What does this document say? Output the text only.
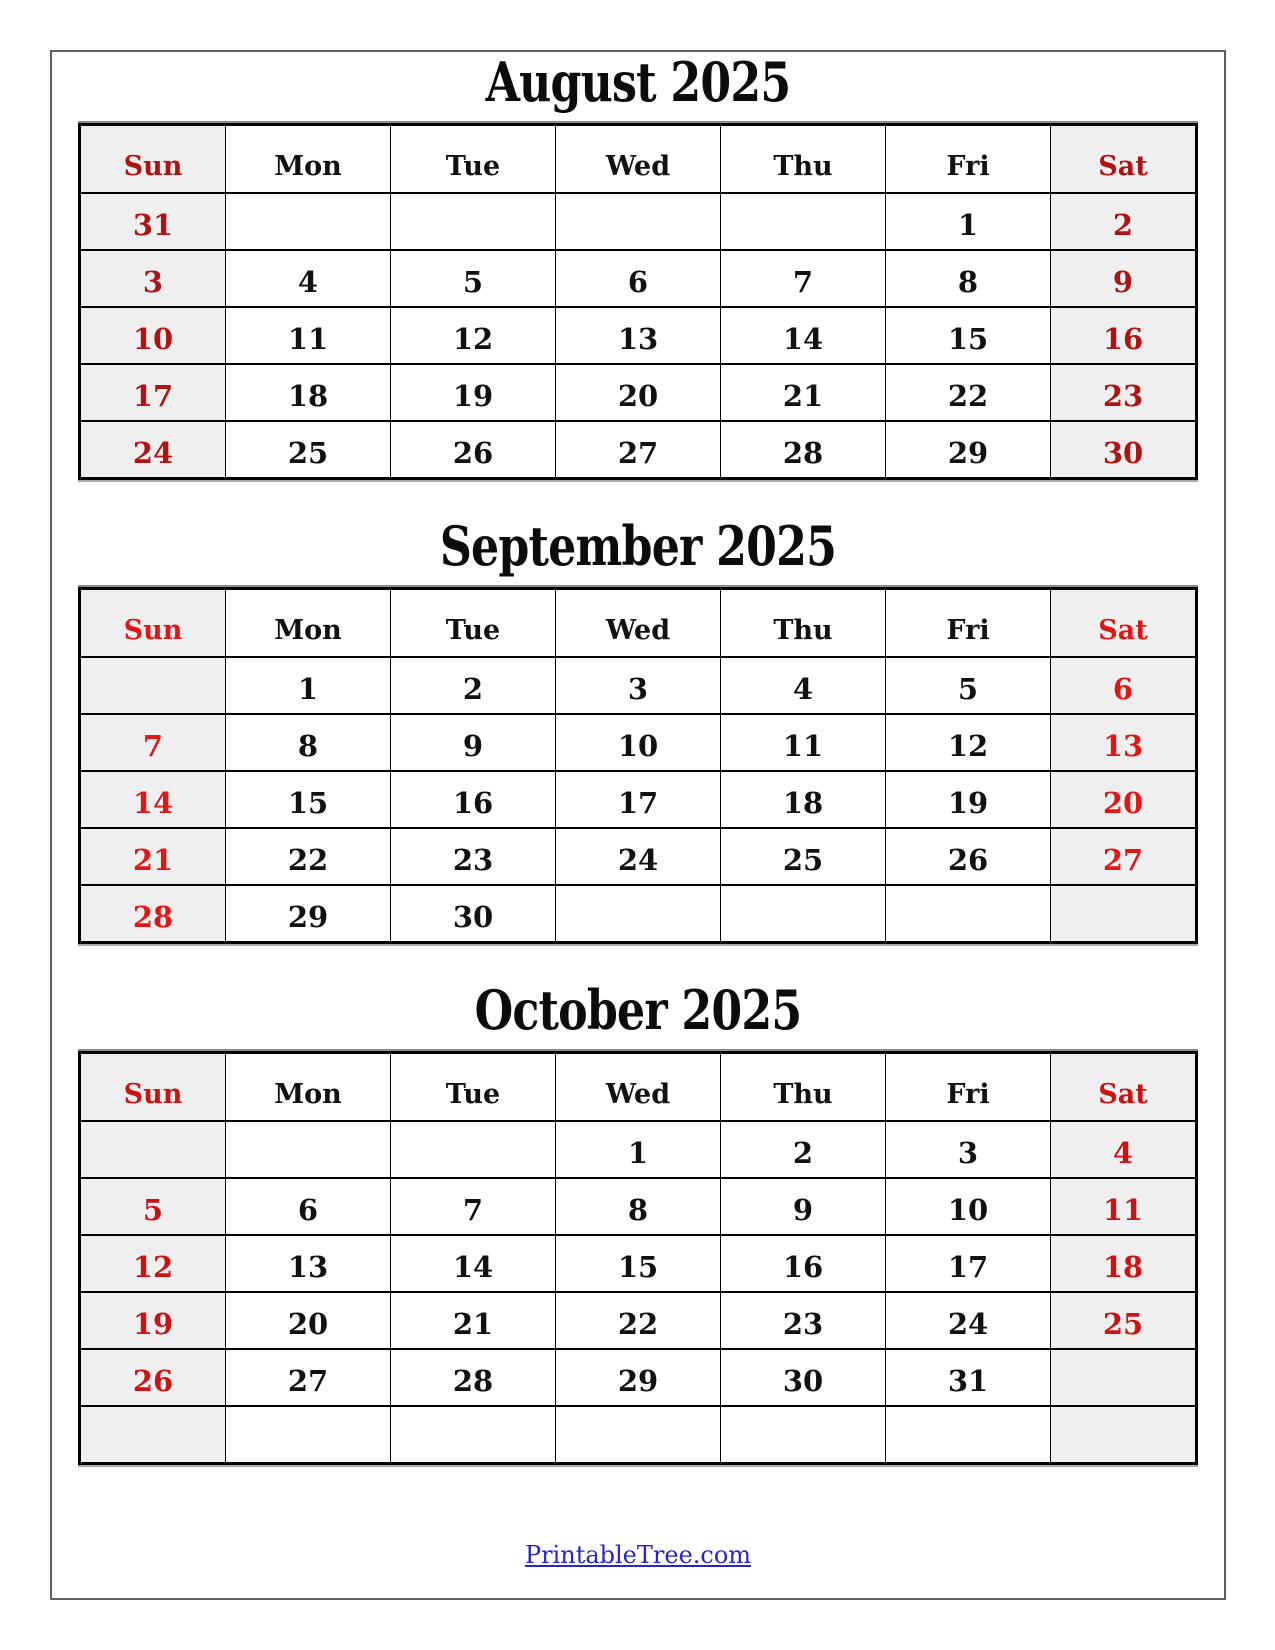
August 2025
Sun	Mon	Tue	Wed	Thu	Fri	Sat
31					1	2
3	4	5	6	7	8	9
10	11	12	13	14	15	16
17	18	19	20	21	22	23
24	25	26	27	28	29	30
September 2025
Sun	Mon	Tue	Wed	Thu	Fri	Sat
	1	2	3	4	5	6
7	8	9	10	11	12	13
14	15	16	17	18	19	20
21	22	23	24	25	26	27
28	29	30				
October 2025
Sun	Mon	Tue	Wed	Thu	Fri	Sat
			1	2	3	4
5	6	7	8	9	10	11
12	13	14	15	16	17	18
19	20	21	22	23	24	25
26	27	28	29	30	31	

PrintableTree.com
